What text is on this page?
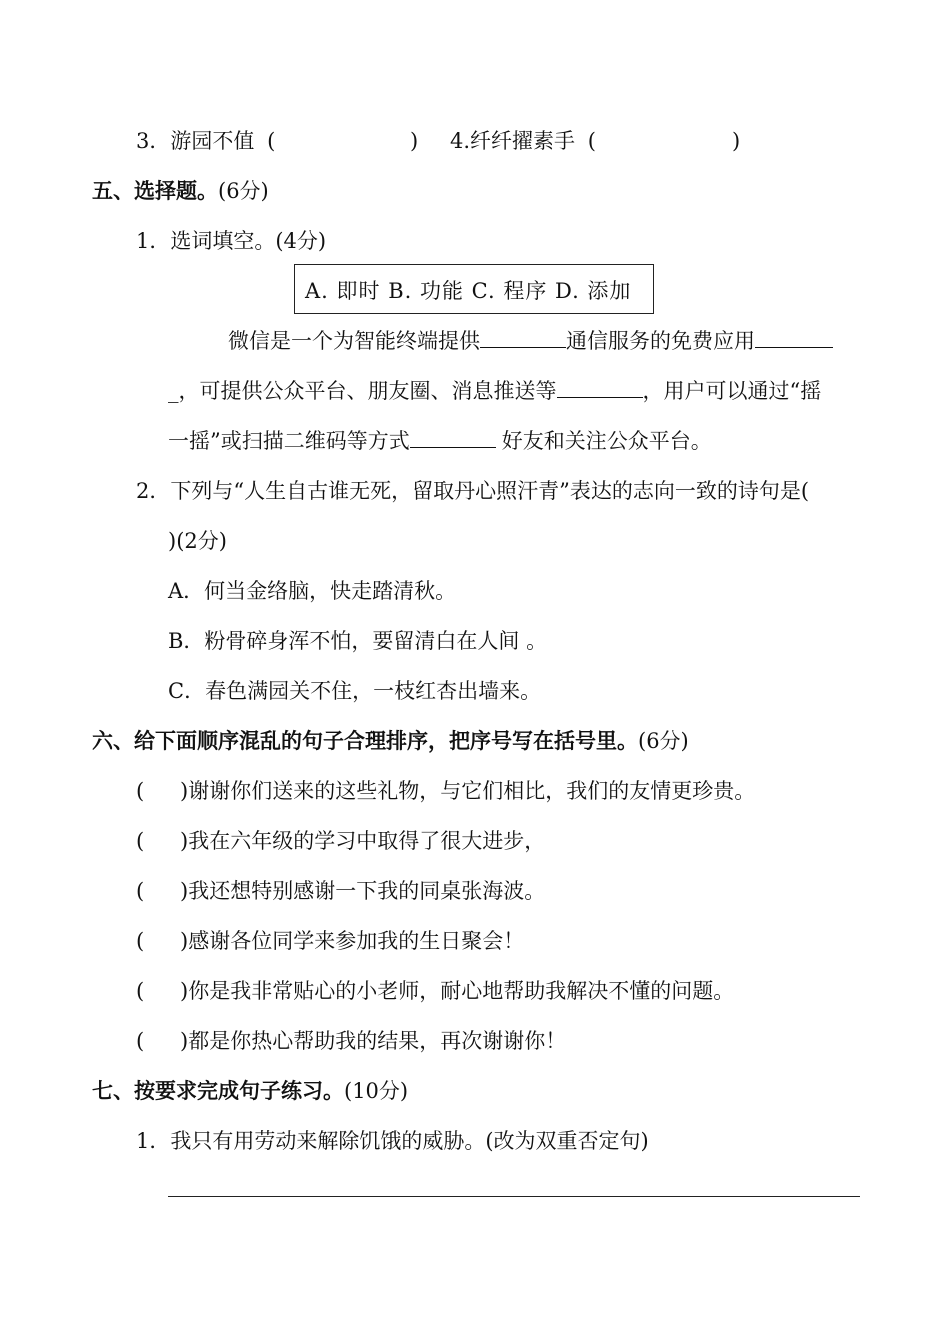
3．游园不值 (	) 4.纤纤擢素手 (	)
五、选择题。(6分)
1．选词填空。(4分)
A. 即时 B. 功能 C. 程序 D. 添加
微信是一个为智能终端提供	通信服务的免费应用
_，可提供公众平台、朋友圈、消息推送等	，用户可以通过“摇
一摇”或扫描二维码等方式	好友和关注公众平台。
2．下列与“人生自古谁无死，留取丹心照汗青”表达的志向一致的诗句是(
)(2分)
A．何当金络脑，快走踏清秋。
B．粉骨碎身浑不怕，要留清白在人间 。
C．春色满园关不住，一枝红杏出墙来。
六、给下面顺序混乱的句子合理排序，把序号写在括号里。(6分)
( )谢谢你们送来的这些礼物，与它们相比，我们的友情更珍贵。
( )我在六年级的学习中取得了很大进步，
( )我还想特别感谢一下我的同桌张海波。
( )感谢各位同学来参加我的生日聚会！
( )你是我非常贴心的小老师，耐心地帮助我解决不懂的问题。
( )都是你热心帮助我的结果，再次谢谢你！
七、按要求完成句子练习。(10分)
1．我只有用劳动来解除饥饿的威胁。(改为双重否定句)
